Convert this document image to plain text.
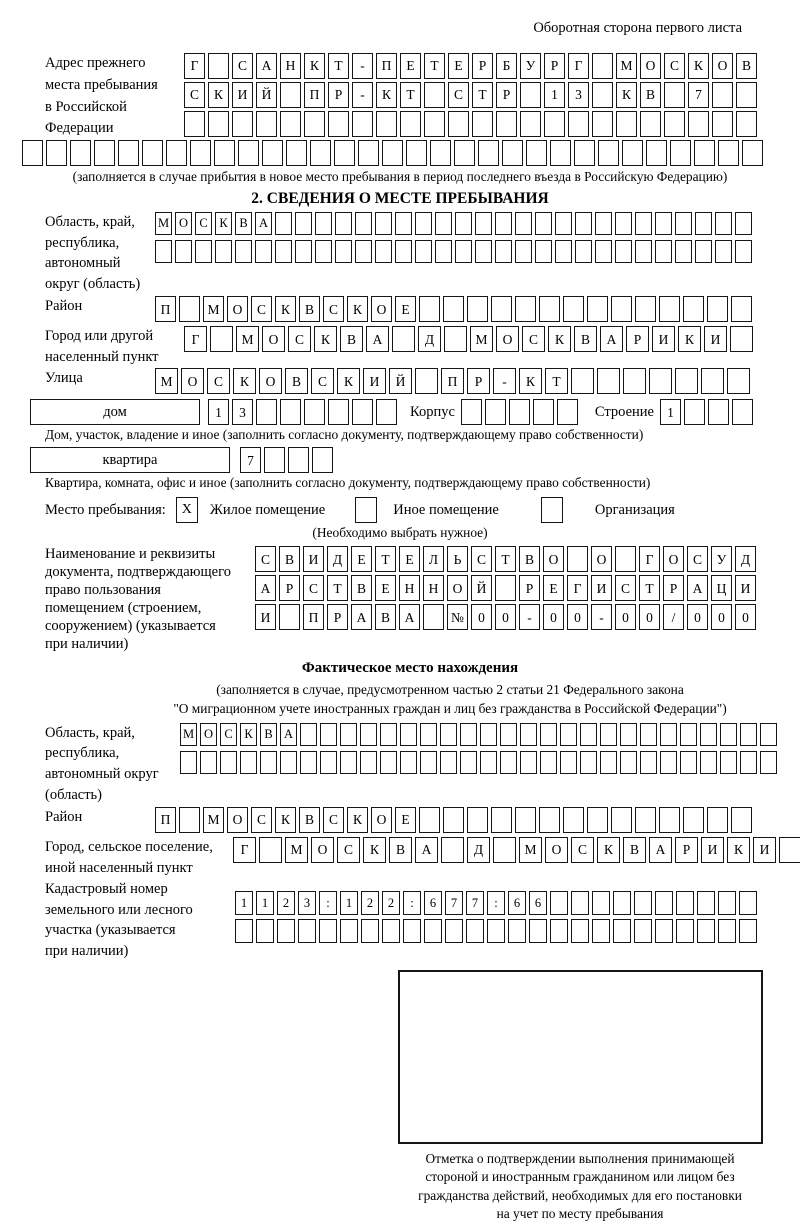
Оборотная сторона первого листа
Адрес прежнего
места пребывания
в Российской
Федерации
Г	С	А	Н	К	Т	-	П	Е	Т	Е	Р	Б	У	Р	Г	М О	С	К	О	В
С	К	И	Й	П	Р	-	К	Т	С	Т	Р	1	3	К	В	7
(заполняется в случае прибытия в новое место пребывания в период последнего въезда в Российскую Федерацию)
2. СВЕДЕНИЯ О МЕСТЕ ПРЕБЫВАНИЯ
Область, край,
республика,
автономный
округ (область)
М О С К В А
Район	П	М О	С	К	В	С	К	О	Е
Город или другой
населенный пункт
Г	М	О	С	К	В	А	Д	М	О	С	К	В	А	Р	И	К	И
Улица	М	О	С	К	О	В	С	К	И	Й	П	Р	-	К	Т
дом	1	3	Корпус	Строение 1
Дом, участок, владение и иное (заполнить согласно документу, подтверждающему право собственности)
квартира	7
Квартира, комната, офис и иное (заполнить согласно документу, подтверждающему право собственности)
Место пребывания:	X	Жилое помещение	Иное помещение	Организация
(Необходимо выбрать нужное)
Наименование и реквизиты
документа, подтверждающего
право пользования
помещением (строением,
сооружением) (указывается
при наличии)
С	В	И	Д	Е	Т	Е	Л	Ь	С	Т	В	О	О	Г	О	С	У	Д
А	Р	С	Т	В	Е	Н	Н	О	Й	Р	Е	Г	И	С	Т	Р	А	Ц	И
И	П	Р	А	В	А	№	0	0	-	0	0	-	0	0	/	0	0	0
Фактическое место нахождения
(заполняется в случае, предусмотренном частью 2 статьи 21 Федерального закона
"О миграционном учете иностранных граждан и лиц без гражданства в Российской Федерации")
Область, край,
республика,
автономный округ
(область)
М О С К В А
Район	П	М О	С	К	В	С	К	О	Е
Город, сельское поселение,
иной населенный пункт
Г	М	О	С	К	В	А	Д	М	О	С	К	В	А	Р	И	К	И
Кадастровый номер
земельного или лесного
участка (указывается
при наличии)
1	1	2	3	:	1	2	2	:	6	7	7	:	6	6
Отметка о подтверждении выполнения принимающей
стороной и иностранным гражданином или лицом без
гражданства действий, необходимых для его постановки
на учет по месту пребывания
